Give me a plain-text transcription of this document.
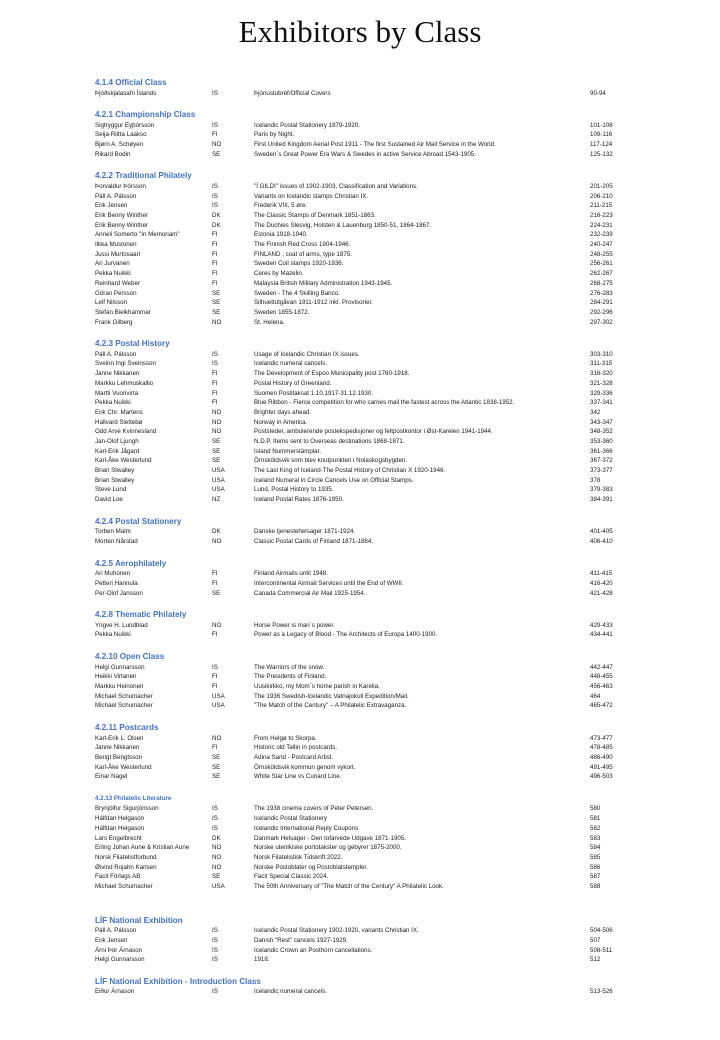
Exhibitors by Class
4.1.4 Official Class
Þjóðskjalasafn Íslands	IS	Þjónustubréf/Official Covers	90-94
4.2.1 Championship Class
Sigtryggur Eyþórsson	IS	Icelandic Postal Stationery 1879-1920.	101-108
Seija-Riitta Laakso	FI	Paris by Night.	109-116
Bjørn A. Schøyen	NO	First United Kingdom Aerial Post 1911 - The first Sustained Air Mail Service in the World.	117-124
Rikard Bodin	SE	Sweden´s Great Power Era Wars & Swedes in active Service Abroad 1543-1905.	125-132
4.2.2 Traditional Philately
Þorvaldur Þórsson	IS	"Í GILDI" issues of 1902-1903, Classification and Variations.	201-205
Páll A. Pálsson	IS	Variants on Icelandic stamps Christian IX.	206-210
Erik Jensen	IS	Frederik VIII, 5 øre.	211-215
Erik Benny Winther	DK	The Classic Stamps of Denmark 1851-1863.	216-223
Erik Benny Winther	DK	The Duchies Slesvig, Holsten & Lauenburg 1850-51, 1864-1867.	224-231
Anneli Somerto "In Memoriam"	FI	Estonia 1918-1940.	232-239
Ilkka Mustonen	FI	The Finnish Red Cross 1904-1946.	240-247
Jussi Murtosaari	FI	FINLAND , coat of arms, type 1875.	248-255
Ari Jurvanen	FI	Sweden Coil stamps 1920-1936.	256-261
Pekka Nuikki	FI	Ceres by Mazelin.	262-267
Reinhard Weber	FI	Malaysia British Military Administration 1943-1945.	268-275
Göran Persson	SE	Sweden - The 4 Skilling Banco.	276-283
Leif Nilsson	SE	Silhuettutgåvan 1911-1912 inkl. Provisorier.	284-291
Stefan Bielkhammar	SE	Sweden 1855-1872.	292-296
Frank Gilberg	NO	St. Helena.	297-302
4.2.3 Postal History
Páll A. Pálsson	IS	Usage of Icelandic Christian IX issues.	303-310
Sveinn Ingi Sveinsson	IS	Icelandic numeral cancels.	311-315
Janne Nikkanen	FI	The Development of Espoo Municipality post 1760-1918.	316-320
Markku Lehmuskallio	FI	Postal History of Greenland.	321-328
Martti Vuorivirta	FI	Suomen Postitaksat 1.10.1917-31.12.1930.	329-336
Pekka Nuikki	FI	Blue Ribbon - Fierce competition for who carries mail the fastest across the Atlantic 1838-1952.	337-341
Erik Chr. Martens	NO	Brighter days ahead.	342
Hallvard Slettebø	NO	Norway in America.	343-347
Odd Arve Kvinnesland	NO	Poststeder, ambulerende postekspedisjoner og feltpostkontor i Øst-Karelen 1941-1944.	348-352
Jan-Olof Ljungh	SE	N.D.P. Items sent to Overseas destinations 1868-1871.	353-360
Karl-Erik Jågard	SE	Island Nummerstämplar.	361-366
Karl-Åke Westerlund	SE	Örnsköldsvik som blev knutpunkten i Nolaskogsbygden.	367-372
Brian Stwalley	USA	The Last King of Iceland-The Postal History of Christian X 1920-1946.	373-377
Brian Stwalley	USA	Iceland Numeral in Circle Cancels Use on Official Stamps.	378
Steve Lund	USA	Lund, Postal History to 1935.	379-383
David Loe	NZ	Iceland Postal Rates 1876-1950.	384-391
4.2.4 Postal Stationery
Torben Malm	DK	Danske tjenestehelsager 1871-1924.	401-405
Morten Nårstad	NO	Classic Postal Cards of Finland 1871-1884.	406-410
4.2.5 Aerophilately
Ari Muhonen	FI	Finland Airmails until 1948.	411-415
Petteri Hannula	FI	Intercontinental Airmail Services until the End of WWII.	416-420
Per-Olof Jansson	SE	Canada Commercial Air Mail 1925-1954.	421-428
4.2.8 Thematic Philately
Yngve H. Lundblad	NO	Horse Power is man´s power.	429-433
Pekka Nuikki	FI	Power as a Legacy of Blood - The Architects of Europa 1400-1900.	434-441
4.2.10 Open Class
Helgi Gunnarsson	IS	The Warriors of the snow.	442-447
Heikki Virtanen	FI	The Presidents of Finland.	448-455
Markku Heinonen	FI	Uusikirkko, my Mom´s home parish in Karelia.	456-463
Michael Schumacher	USA	The 1936 Swedish-Icelandic Vatnajokull Expedition/Mail.	464
Michael Schumacher	USA	"The Match of the Century" – A Philatelic Extravaganza.	465-472
4.2.11 Postcards
Karl-Erik L. Olsen	NO	From Helgø to Skorpa.	473-477
Janne Nikkanen	FI	Historic old Tallin in postcards.	478-485
Bengt Bengtsson	SE	Adina Sand - Postcard Artist.	486-490
Karl-Åke Westerlund	SE	Örnsköldsvik kommun genom vykort.	491-495
Einar Nagel	SE	White Star Line vs Cunard Line.	496-503
4.2.13 Philatelic Literature
Brynjólfur Sigurjónsson	IS	The 1938 cinema covers of Peter Petersen.	580
Hálfdan Helgason	IS	Icelandic Postal Stationery	581
Hálfdan Helgason	IS	Icelandic International Reply Coupons	582
Lars Engelbrecht	DK	Danmark Helsager - Den tofarvede Udgave 1871-1905.	583
Erling Johan Aune & Kristian Aune	NO	Norske utenlkiske portotakster og gebyrer 1875-2000.	584
Norsk Filatelistforbund	NO	Norsk Filatelistisk Tidskrift 2022.	585
Øivind Rojahn Karlsen	NO	Norske Postoblater og Postoblatstempler.	586
Facit Förlags AB	SE	Facit Special Classic 2024.	587
Michael Schumacher	USA	The 50th Anniversary of "The Match of the Century" A Philatelic Look.	588
LÍF National Exhibition
Páll A. Pálsson	IS	Icelandic Postal Stationery 1902-1920, variants Christian IX.	504-506
Erik Jensen	IS	Danish "Rest" cancels 1927-1929.	507
Árni Þór Árnason	IS	Icelandic Crown an Posthorn cancellations.	508-511
Helgi Gunnarsson	IS	1918.	512
LÍF National Exhibition - Introduction Class
Eiður Árnason	IS	Icelandic numeral cancels.	513-526
